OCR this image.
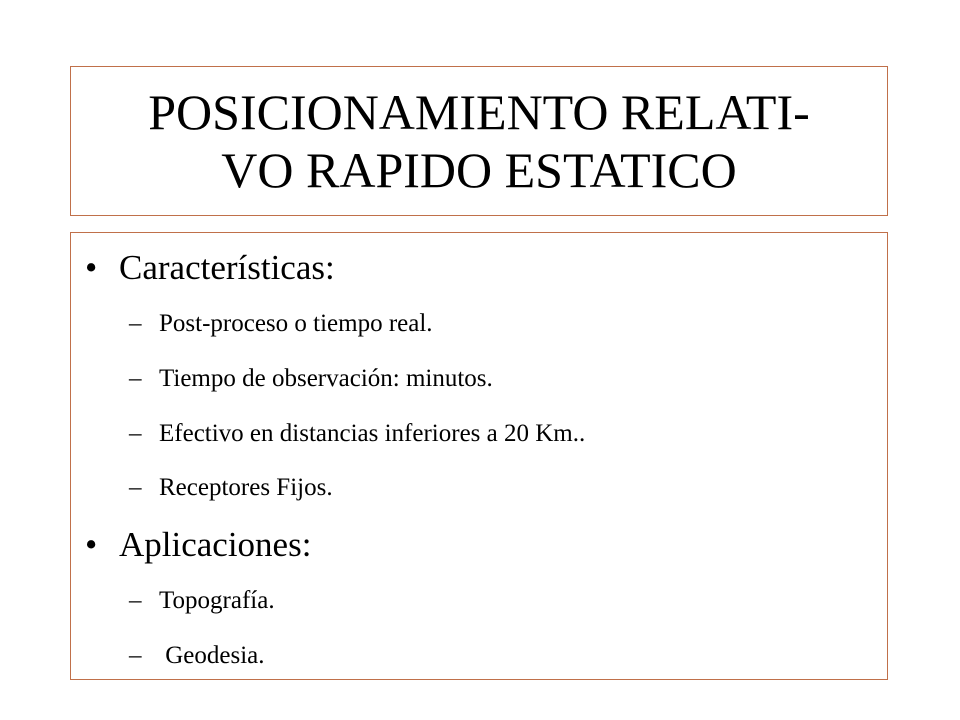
POSICIONAMIENTO RELATI-
VO RAPIDO ESTATICO
• Características:
– Post-proceso o tiempo real.
– Tiempo de observación: minutos.
– Efectivo en distancias inferiores a 20 Km..
– Receptores Fijos.
• Aplicaciones:
– Topografía.
– Geodesia.
